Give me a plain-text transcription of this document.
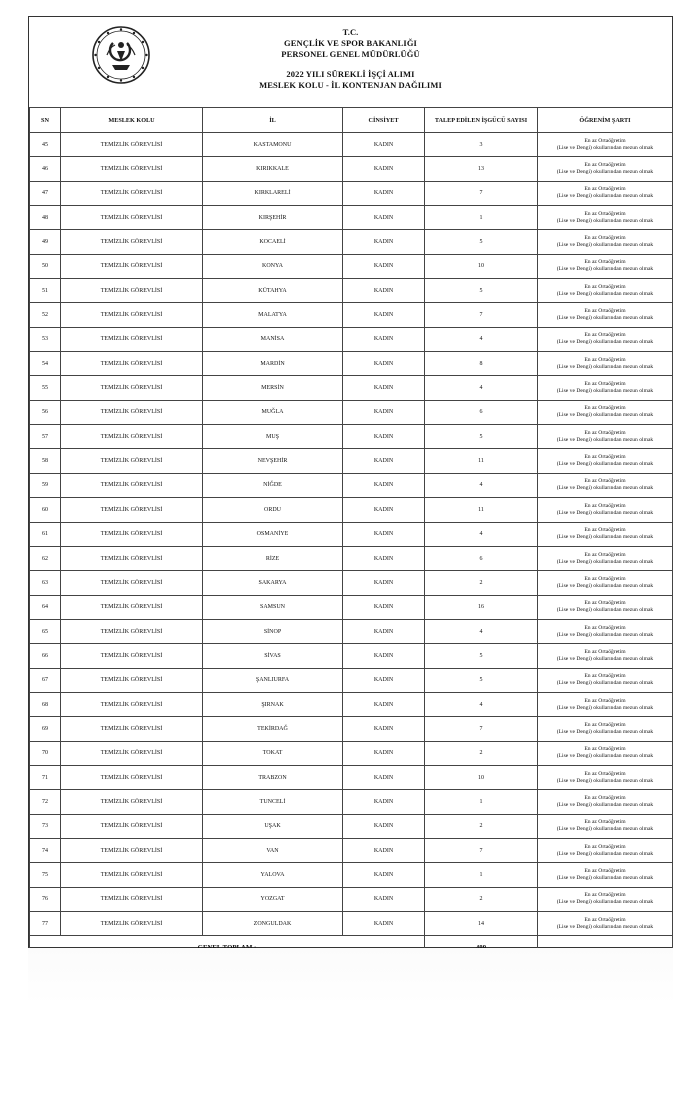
T.C.
GENÇLİK VE SPOR BAKANLIĞI
PERSONEL GENEL MÜDÜRLÜĞÜ
2022 YILI SÜREKLİ İŞÇİ ALIMI
MESLEK KOLU - İL KONTENJAN DAĞILIMI
SN	MESLEK KOLU	İL	CİNSİYET	TALEP EDİLEN İŞGÜCÜ SAYISI	ÖĞRENİM ŞARTI
45	TEMİZLİK GÖREVLİSİ	KASTAMONU	KADIN	3	En az Ortaöğretim
(Lise ve Dengi) okullarından mezun olmak

46	TEMİZLİK GÖREVLİSİ	KIRIKKALE	KADIN	13	En az Ortaöğretim
(Lise ve Dengi) okullarından mezun olmak

47	TEMİZLİK GÖREVLİSİ	KIRKLARELİ	KADIN	7	En az Ortaöğretim
(Lise ve Dengi) okullarından mezun olmak

48	TEMİZLİK GÖREVLİSİ	KIRŞEHİR	KADIN	1	En az Ortaöğretim
(Lise ve Dengi) okullarından mezun olmak

49	TEMİZLİK GÖREVLİSİ	KOCAELİ	KADIN	5	En az Ortaöğretim
(Lise ve Dengi) okullarından mezun olmak

50	TEMİZLİK GÖREVLİSİ	KONYA	KADIN	10	En az Ortaöğretim
(Lise ve Dengi) okullarından mezun olmak

51	TEMİZLİK GÖREVLİSİ	KÜTAHYA	KADIN	5	En az Ortaöğretim
(Lise ve Dengi) okullarından mezun olmak

52	TEMİZLİK GÖREVLİSİ	MALATYA	KADIN	7	En az Ortaöğretim
(Lise ve Dengi) okullarından mezun olmak

53	TEMİZLİK GÖREVLİSİ	MANİSA	KADIN	4	En az Ortaöğretim
(Lise ve Dengi) okullarından mezun olmak

54	TEMİZLİK GÖREVLİSİ	MARDİN	KADIN	8	En az Ortaöğretim
(Lise ve Dengi) okullarından mezun olmak

55	TEMİZLİK GÖREVLİSİ	MERSİN	KADIN	4	En az Ortaöğretim
(Lise ve Dengi) okullarından mezun olmak

56	TEMİZLİK GÖREVLİSİ	MUĞLA	KADIN	6	En az Ortaöğretim
(Lise ve Dengi) okullarından mezun olmak

57	TEMİZLİK GÖREVLİSİ	MUŞ	KADIN	5	En az Ortaöğretim
(Lise ve Dengi) okullarından mezun olmak

58	TEMİZLİK GÖREVLİSİ	NEVŞEHİR	KADIN	11	En az Ortaöğretim
(Lise ve Dengi) okullarından mezun olmak

59	TEMİZLİK GÖREVLİSİ	NİĞDE	KADIN	4	En az Ortaöğretim
(Lise ve Dengi) okullarından mezun olmak

60	TEMİZLİK GÖREVLİSİ	ORDU	KADIN	11	En az Ortaöğretim
(Lise ve Dengi) okullarından mezun olmak

61	TEMİZLİK GÖREVLİSİ	OSMANİYE	KADIN	4	En az Ortaöğretim
(Lise ve Dengi) okullarından mezun olmak

62	TEMİZLİK GÖREVLİSİ	RİZE	KADIN	6	En az Ortaöğretim
(Lise ve Dengi) okullarından mezun olmak

63	TEMİZLİK GÖREVLİSİ	SAKARYA	KADIN	2	En az Ortaöğretim
(Lise ve Dengi) okullarından mezun olmak

64	TEMİZLİK GÖREVLİSİ	SAMSUN	KADIN	16	En az Ortaöğretim
(Lise ve Dengi) okullarından mezun olmak

65	TEMİZLİK GÖREVLİSİ	SİNOP	KADIN	4	En az Ortaöğretim
(Lise ve Dengi) okullarından mezun olmak

66	TEMİZLİK GÖREVLİSİ	SİVAS	KADIN	5	En az Ortaöğretim
(Lise ve Dengi) okullarından mezun olmak

67	TEMİZLİK GÖREVLİSİ	ŞANLIURFA	KADIN	5	En az Ortaöğretim
(Lise ve Dengi) okullarından mezun olmak

68	TEMİZLİK GÖREVLİSİ	ŞIRNAK	KADIN	4	En az Ortaöğretim
(Lise ve Dengi) okullarından mezun olmak

69	TEMİZLİK GÖREVLİSİ	TEKİRDAĞ	KADIN	7	En az Ortaöğretim
(Lise ve Dengi) okullarından mezun olmak

70	TEMİZLİK GÖREVLİSİ	TOKAT	KADIN	2	En az Ortaöğretim
(Lise ve Dengi) okullarından mezun olmak

71	TEMİZLİK GÖREVLİSİ	TRABZON	KADIN	10	En az Ortaöğretim
(Lise ve Dengi) okullarından mezun olmak

72	TEMİZLİK GÖREVLİSİ	TUNCELİ	KADIN	1	En az Ortaöğretim
(Lise ve Dengi) okullarından mezun olmak

73	TEMİZLİK GÖREVLİSİ	UŞAK	KADIN	2	En az Ortaöğretim
(Lise ve Dengi) okullarından mezun olmak

74	TEMİZLİK GÖREVLİSİ	VAN	KADIN	7	En az Ortaöğretim
(Lise ve Dengi) okullarından mezun olmak

75	TEMİZLİK GÖREVLİSİ	YALOVA	KADIN	1	En az Ortaöğretim
(Lise ve Dengi) okullarından mezun olmak

76	TEMİZLİK GÖREVLİSİ	YOZGAT	KADIN	2	En az Ortaöğretim
(Lise ve Dengi) okullarından mezun olmak

77	TEMİZLİK GÖREVLİSİ	ZONGULDAK	KADIN	14	En az Ortaöğretim
(Lise ve Dengi) okullarından mezun olmak
